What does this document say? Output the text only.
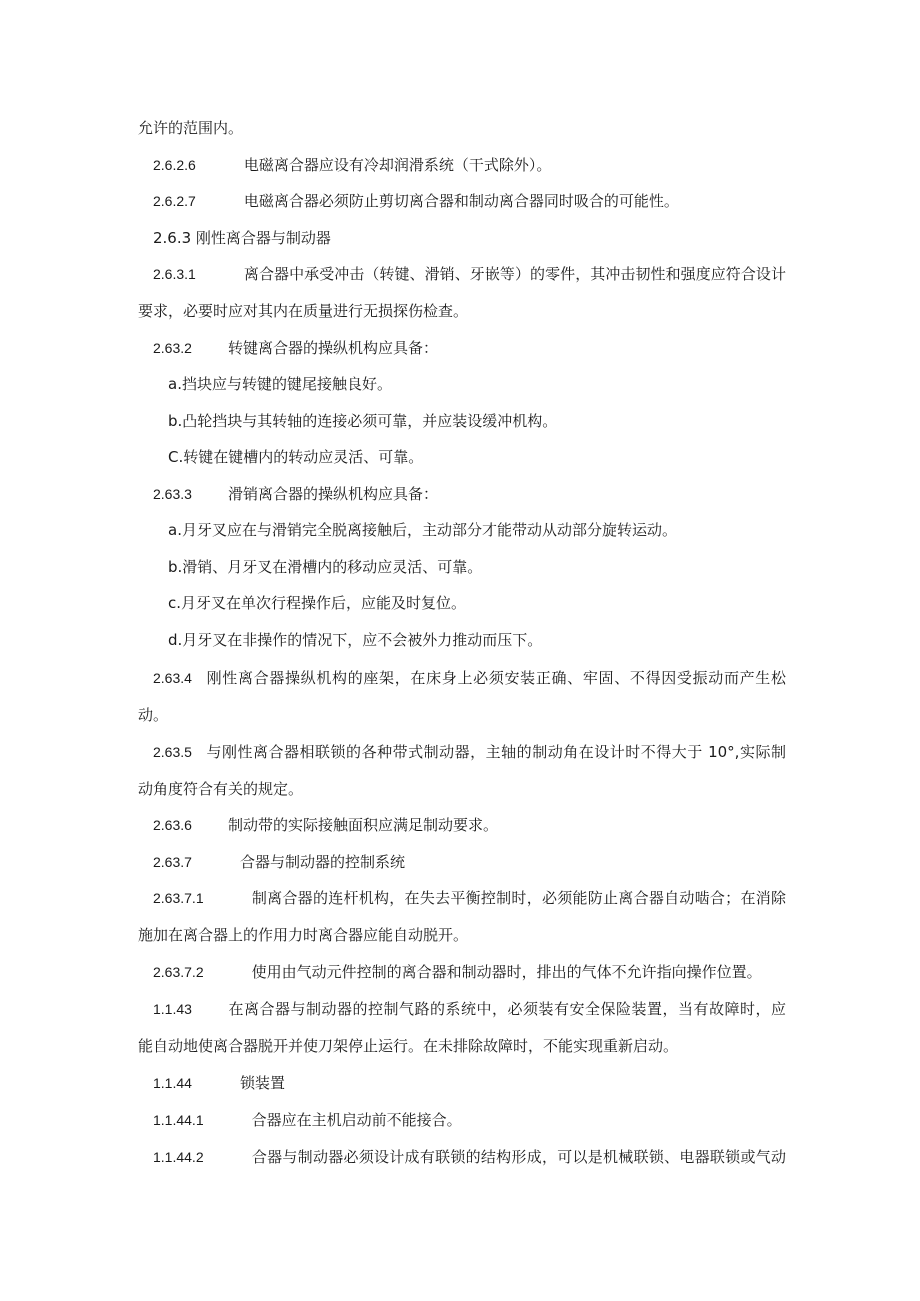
允许的范围内。
2.6.2.6	电磁离合器应设有冷却润滑系统（干式除外）。
2.6.2.7	电磁离合器必须防止剪切离合器和制动离合器同时吸合的可能性。
2.6.3 刚性离合器与制动器
2.6.3.1	离合器中承受冲击（转键、滑销、牙嵌等）的零件，其冲击韧性和强度应符合设计
要求，必要时应对其内在质量进行无损探伤检查。
2.63.2 转键离合器的操纵机构应具备：
a.挡块应与转键的键尾接触良好。
b.凸轮挡块与其转轴的连接必须可靠，并应装设缓冲机构。
C.转键在键槽内的转动应灵活、可靠。
2.63.3 滑销离合器的操纵机构应具备：
a.月牙叉应在与滑销完全脱离接触后，主动部分才能带动从动部分旋转运动。
b.滑销、月牙叉在滑槽内的移动应灵活、可靠。
c.月牙叉在单次行程操作后，应能及时复位。
d.月牙叉在非操作的情况下，应不会被外力推动而压下。
2.63.4 刚性离合器操纵机构的座架，在床身上必须安装正确、牢固、不得因受振动而产生松
动。
2.63.5 与刚性离合器相联锁的各种带式制动器，主轴的制动角在设计时不得大于 10°,实际制
动角度符合有关的规定。
2.63.6 制动带的实际接触面积应满足制动要求。
2.63.7	合器与制动器的控制系统
2.63.7.1	制离合器的连杆机构，在失去平衡控制时，必须能防止离合器自动啮合；在消除
施加在离合器上的作用力时离合器应能自动脱开。
2.63.7.2	使用由气动元件控制的离合器和制动器时，排出的气体不允许指向操作位置。
1.1.43 在离合器与制动器的控制气路的系统中，必须装有安全保险装置，当有故障时，应
能自动地使离合器脱开并使刀架停止运行。在未排除故障时，不能实现重新启动。
1.1.44	锁装置
1.1.44.1	合器应在主机启动前不能接合。
1.1.44.2	合器与制动器必须设计成有联锁的结构形成，可以是机械联锁、电器联锁或气动
